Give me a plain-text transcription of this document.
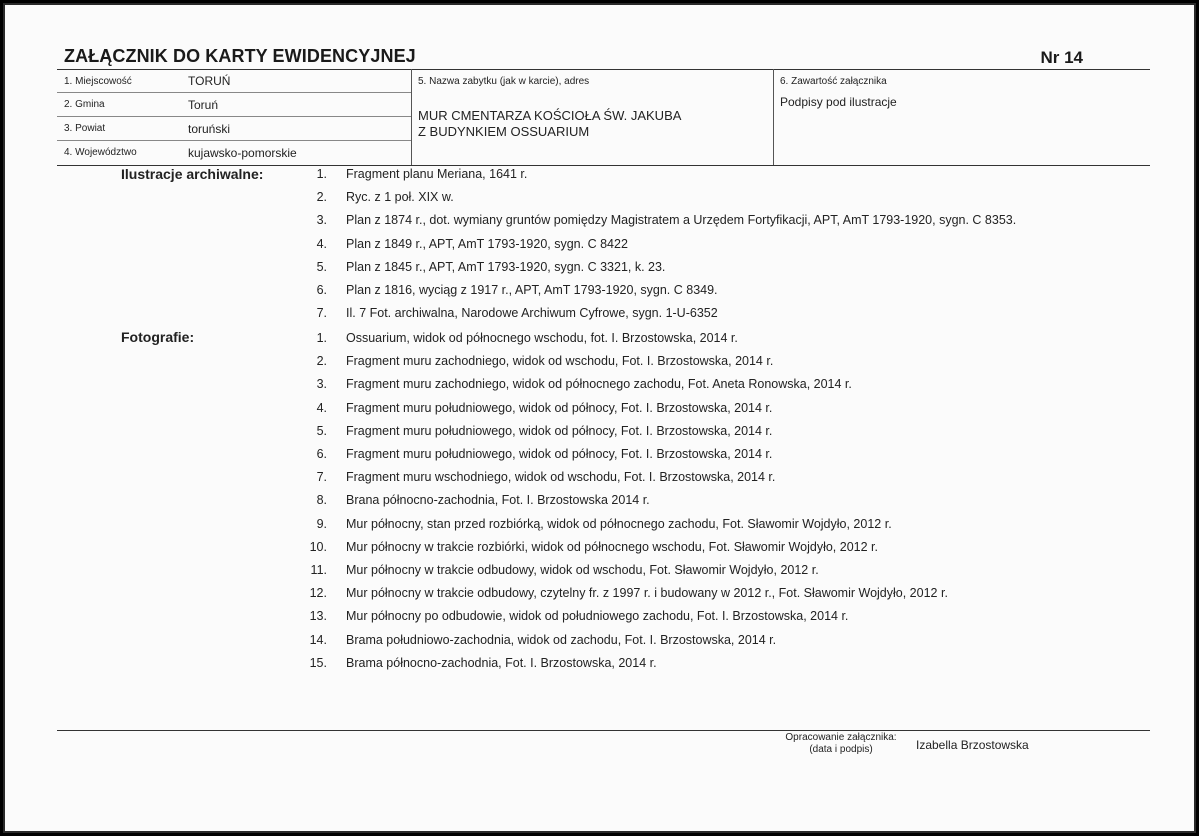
ZAŁĄCZNIK DO KARTY EWIDENCYJNEJ	Nr 14
1. Miejscowość	TORUŃ
2. Gmina	Toruń
3. Powiat	toruński
4. Województwo	kujawsko-pomorskie
5. Nazwa zabytku (jak w karcie), adres
MUR CMENTARZA KOŚCIOŁA ŚW. JAKUBA
Z BUDYNKIEM OSSUARIUM
6. Zawartość załącznika
Podpisy pod ilustracje
Ilustracje archiwalne:	1. Fragment planu Meriana, 1641 r.
2. Ryc. z 1 poł. XIX w.
3. Plan z 1874 r., dot. wymiany gruntów pomiędzy Magistratem a Urzędem Fortyfikacji, APT, AmT 1793-1920, sygn. C 8353.
4. Plan z 1849 r., APT, AmT 1793-1920, sygn. C 8422
5. Plan z 1845 r., APT, AmT 1793-1920, sygn. C 3321, k. 23.
6. Plan z 1816, wyciąg z 1917 r., APT, AmT 1793-1920, sygn. C 8349.
7. Il. 7 Fot. archiwalna, Narodowe Archiwum Cyfrowe, sygn. 1-U-6352
Fotografie:	1. Ossuarium, widok od północnego wschodu, fot. I. Brzostowska, 2014 r.
2. Fragment muru zachodniego, widok od wschodu, Fot. I. Brzostowska, 2014 r.
3. Fragment muru zachodniego, widok od północnego zachodu, Fot. Aneta Ronowska, 2014 r.
4. Fragment muru południowego, widok od północy, Fot. I. Brzostowska, 2014 r.
5. Fragment muru południowego, widok od północy, Fot. I. Brzostowska, 2014 r.
6. Fragment muru południowego, widok od północy, Fot. I. Brzostowska, 2014 r.
7. Fragment muru wschodniego, widok od wschodu, Fot. I. Brzostowska, 2014 r.
8. Brana północno-zachodnia, Fot. I. Brzostowska 2014 r.
9. Mur północny, stan przed rozbiórką, widok od północnego zachodu, Fot. Sławomir Wojdyło, 2012 r.
10. Mur północny w trakcie rozbiórki, widok od północnego wschodu, Fot. Sławomir Wojdyło, 2012 r.
11. Mur północny w trakcie odbudowy, widok od wschodu, Fot. Sławomir Wojdyło, 2012 r.
12. Mur północny w trakcie odbudowy, czytelny fr. z 1997 r. i budowany w 2012 r., Fot. Sławomir Wojdyło, 2012 r.
13. Mur północny po odbudowie, widok od południowego zachodu, Fot. I. Brzostowska, 2014 r.
14. Brama południowo-zachodnia, widok od zachodu, Fot. I. Brzostowska, 2014 r.
15. Brama północno-zachodnia, Fot. I. Brzostowska, 2014 r.
Opracowanie załącznika:
(data i podpis)	Izabella Brzostowska
